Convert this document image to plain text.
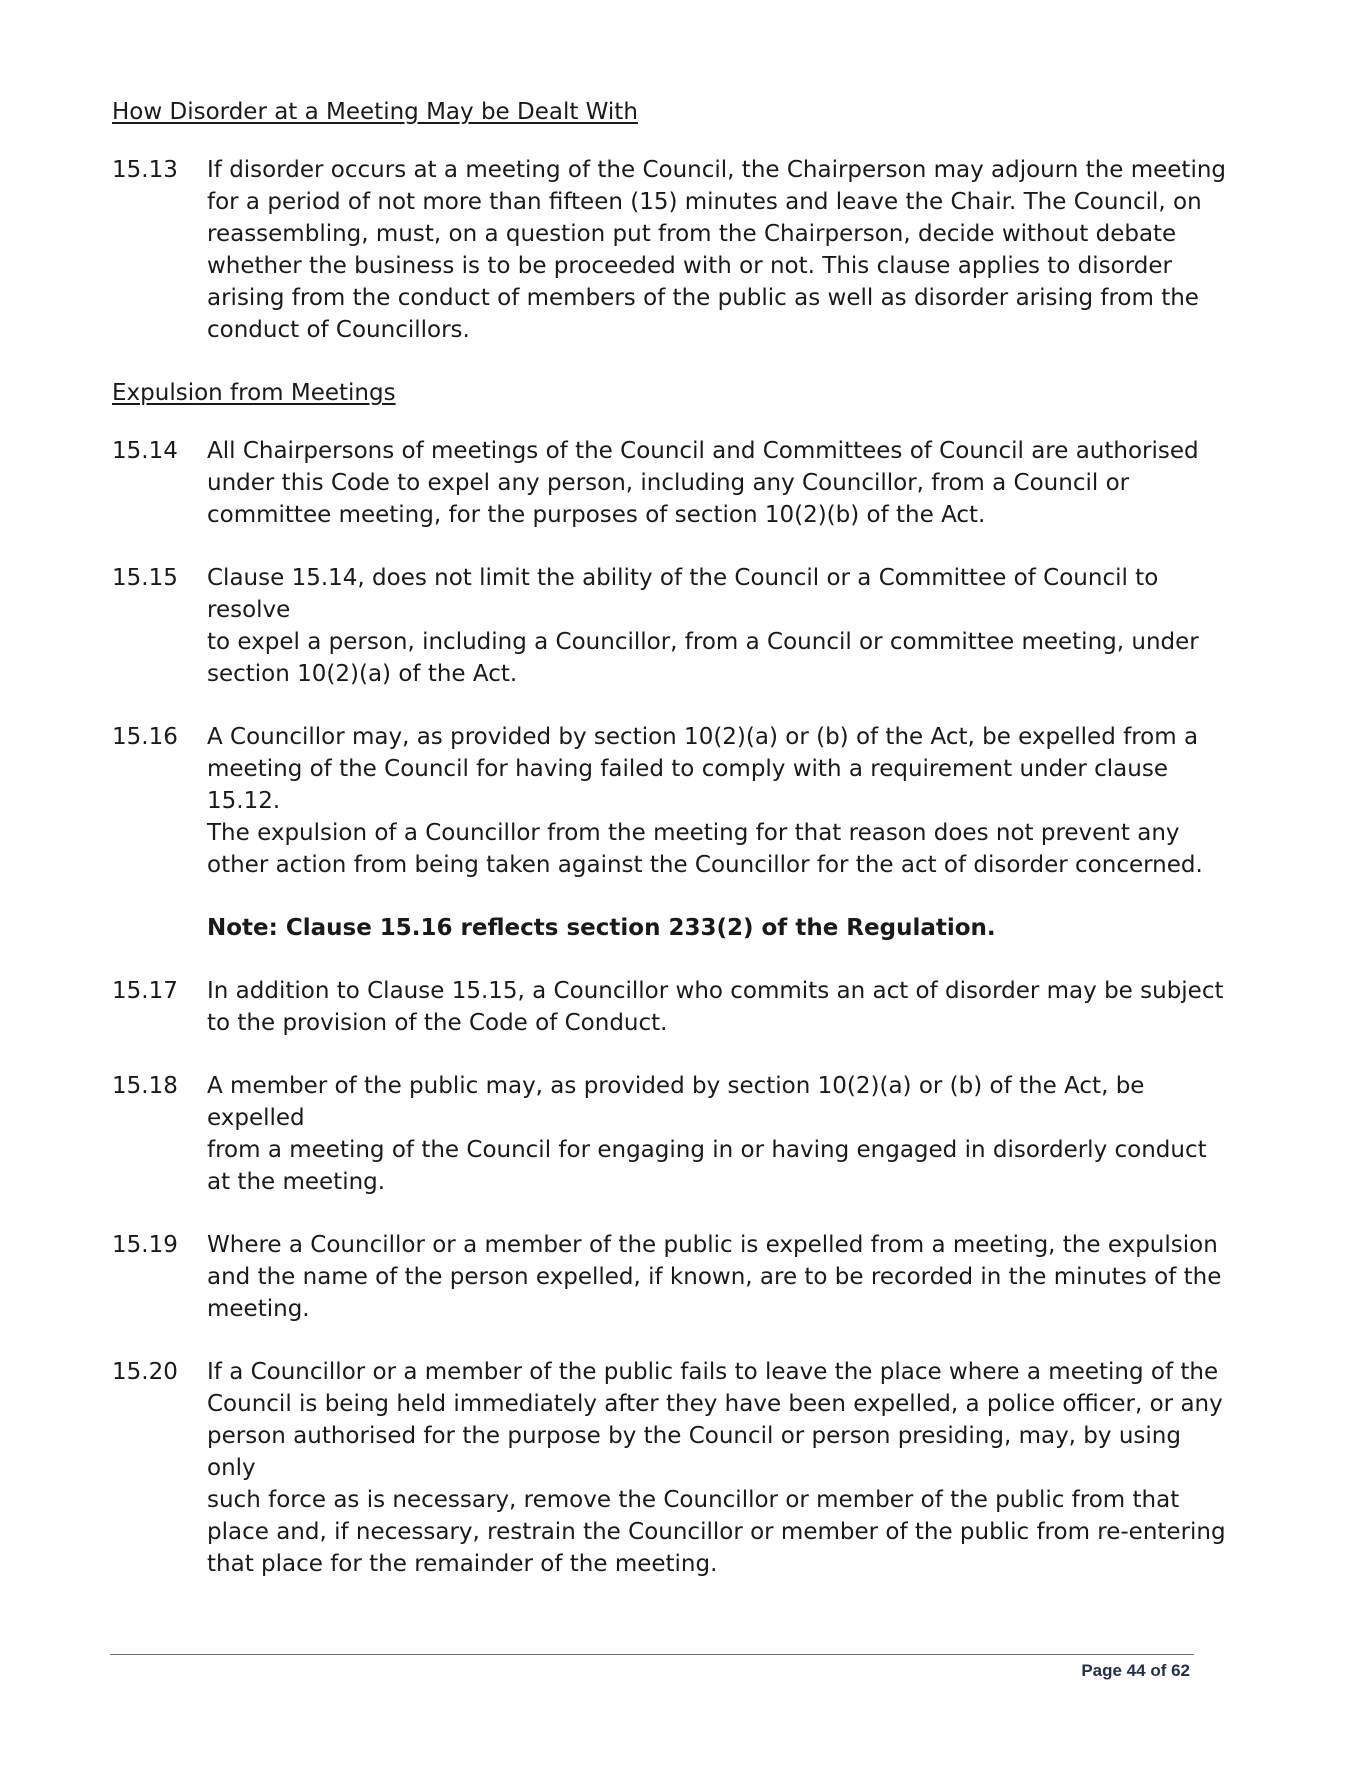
How Disorder at a Meeting May be Dealt With
15.13	If disorder occurs at a meeting of the Council, the Chairperson may adjourn the meeting
for a period of not more than fifteen (15) minutes and leave the Chair. The Council, on
reassembling, must, on a question put from the Chairperson, decide without debate
whether the business is to be proceeded with or not. This clause applies to disorder
arising from the conduct of members of the public as well as disorder arising from the
conduct of Councillors.

Expulsion from Meetings
15.14	All Chairpersons of meetings of the Council and Committees of Council are authorised
under this Code to expel any person, including any Councillor, from a Council or
committee meeting, for the purposes of section 10(2)(b) of the Act.

15.15	Clause 15.14, does not limit the ability of the Council or a Committee of Council to resolve
to expel a person, including a Councillor, from a Council or committee meeting, under
section 10(2)(a) of the Act.

15.16	A Councillor may, as provided by section 10(2)(a) or (b) of the Act, be expelled from a
meeting of the Council for having failed to comply with a requirement under clause 15.12.
The expulsion of a Councillor from the meeting for that reason does not prevent any
other action from being taken against the Councillor for the act of disorder concerned.

Note: Clause 15.16 reflects section 233(2) of the Regulation.
15.17	In addition to Clause 15.15, a Councillor who commits an act of disorder may be subject
to the provision of the Code of Conduct.

15.18	A member of the public may, as provided by section 10(2)(a) or (b) of the Act, be expelled
from a meeting of the Council for engaging in or having engaged in disorderly conduct
at the meeting.

15.19	Where a Councillor or a member of the public is expelled from a meeting, the expulsion
and the name of the person expelled, if known, are to be recorded in the minutes of the
meeting.

15.20	If a Councillor or a member of the public fails to leave the place where a meeting of the
Council is being held immediately after they have been expelled, a police officer, or any
person authorised for the purpose by the Council or person presiding, may, by using only
such force as is necessary, remove the Councillor or member of the public from that
place and, if necessary, restrain the Councillor or member of the public from re-entering
that place for the remainder of the meeting.

Page 44 of 62
